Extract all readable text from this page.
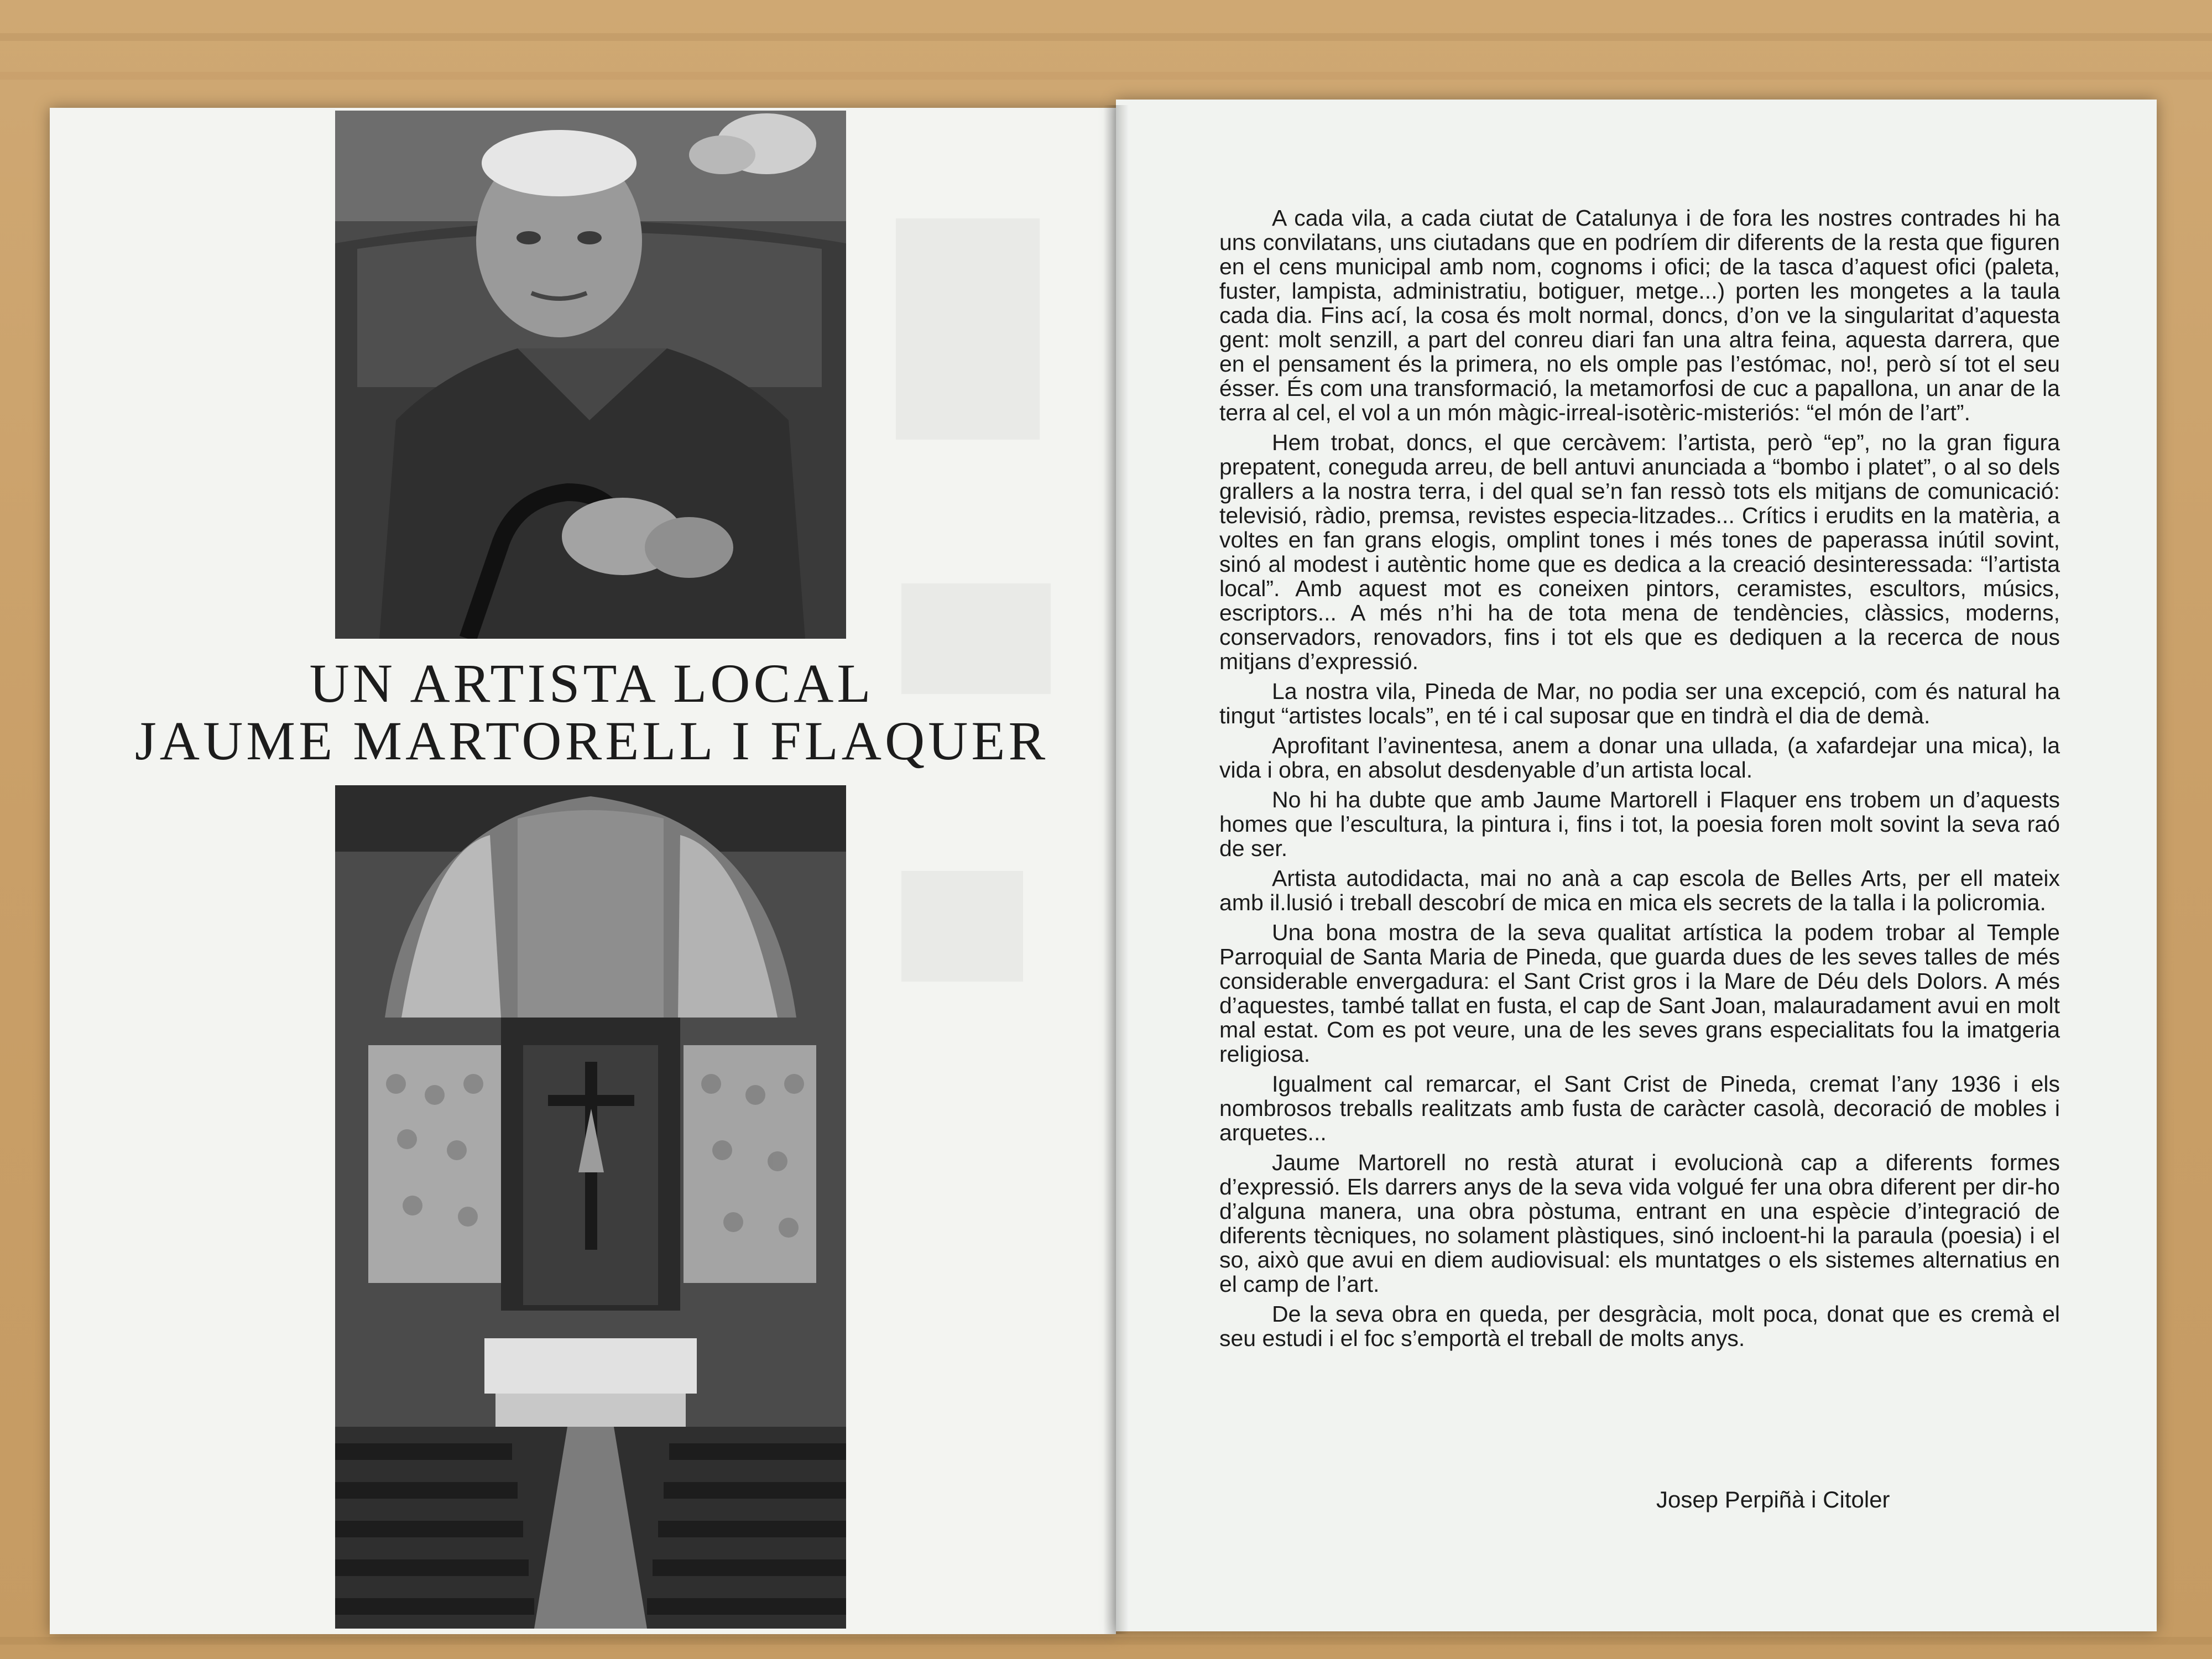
UN ARTISTA LOCAL
JAUME MARTORELL I FLAQUER

A cada vila, a cada ciutat de Catalunya i de fora les nostres contrades hi ha uns convilatans, uns ciutadans que en podríem dir diferents de la resta que figuren en el cens municipal amb nom, cognoms i ofici; de la tasca d’aquest ofici (paleta, fuster, lampista, administratiu, botiguer, metge...) porten les mongetes a la taula cada dia. Fins ací, la cosa és molt normal, doncs, d’on ve la singularitat d’aquesta gent: molt senzill, a part del conreu diari fan una altra feina, aquesta darrera, que en el pensament és la primera, no els omple pas l’estómac, no!, però sí tot el seu ésser. És com una transformació, la metamorfosi de cuc a papallona, un anar de la terra al cel, el vol a un món màgic-irreal-isotèric-misteriós: “el món de l’art”.

Hem trobat, doncs, el que cercàvem: l’artista, però “ep”, no la gran figura prepatent, coneguda arreu, de bell antuvi anunciada a “bombo i platet”, o al so dels grallers a la nostra terra, i del qual se’n fan ressò tots els mitjans de comunicació: televisió, ràdio, premsa, revistes especia-litzades... Crítics i erudits en la matèria, a voltes en fan grans elogis, omplint tones i més tones de paperassa inútil sovint, sinó al modest i autèntic home que es dedica a la creació desinteressada: “l’artista local”. Amb aquest mot es coneixen pintors, ceramistes, escultors, músics, escriptors... A més n’hi ha de tota mena de tendències, clàssics, moderns, conservadors, renovadors, fins i tot els que es dediquen a la recerca de nous mitjans d’expressió.

La nostra vila, Pineda de Mar, no podia ser una excepció, com és natural ha tingut “artistes locals”, en té i cal suposar que en tindrà el dia de demà.

Aprofitant l’avinentesa, anem a donar una ullada, (a xafardejar una mica), la vida i obra, en absolut desdenyable d’un artista local.

No hi ha dubte que amb Jaume Martorell i Flaquer ens trobem un d’aquests homes que l’escultura, la pintura i, fins i tot, la poesia foren molt sovint la seva raó de ser.

Artista autodidacta, mai no anà a cap escola de Belles Arts, per ell mateix amb il.lusió i treball descobrí de mica en mica els secrets de la talla i la policromia.

Una bona mostra de la seva qualitat artística la podem trobar al Temple Parroquial de Santa Maria de Pineda, que guarda dues de les seves talles de més considerable envergadura: el Sant Crist gros i la Mare de Déu dels Dolors. A més d’aquestes, també tallat en fusta, el cap de Sant Joan, malauradament avui en molt mal estat. Com es pot veure, una de les seves grans especialitats fou la imatgeria religiosa.

Igualment cal remarcar, el Sant Crist de Pineda, cremat l’any 1936 i els nombrosos treballs realitzats amb fusta de caràcter casolà, decoració de mobles i arquetes...

Jaume Martorell no restà aturat i evolucionà cap a diferents formes d’expressió. Els darrers anys de la seva vida volgué fer una obra diferent per dir-ho d’alguna manera, una obra pòstuma, entrant en una espècie d’integració de diferents tècniques, no solament plàstiques, sinó incloent-hi la paraula (poesia) i el so, això que avui en diem audiovisual: els muntatges o els sistemes alternatius en el camp de l’art.

De la seva obra en queda, per desgràcia, molt poca, donat que es cremà el seu estudi i el foc s’emportà el treball de molts anys.

Josep Perpiñà i Citoler
